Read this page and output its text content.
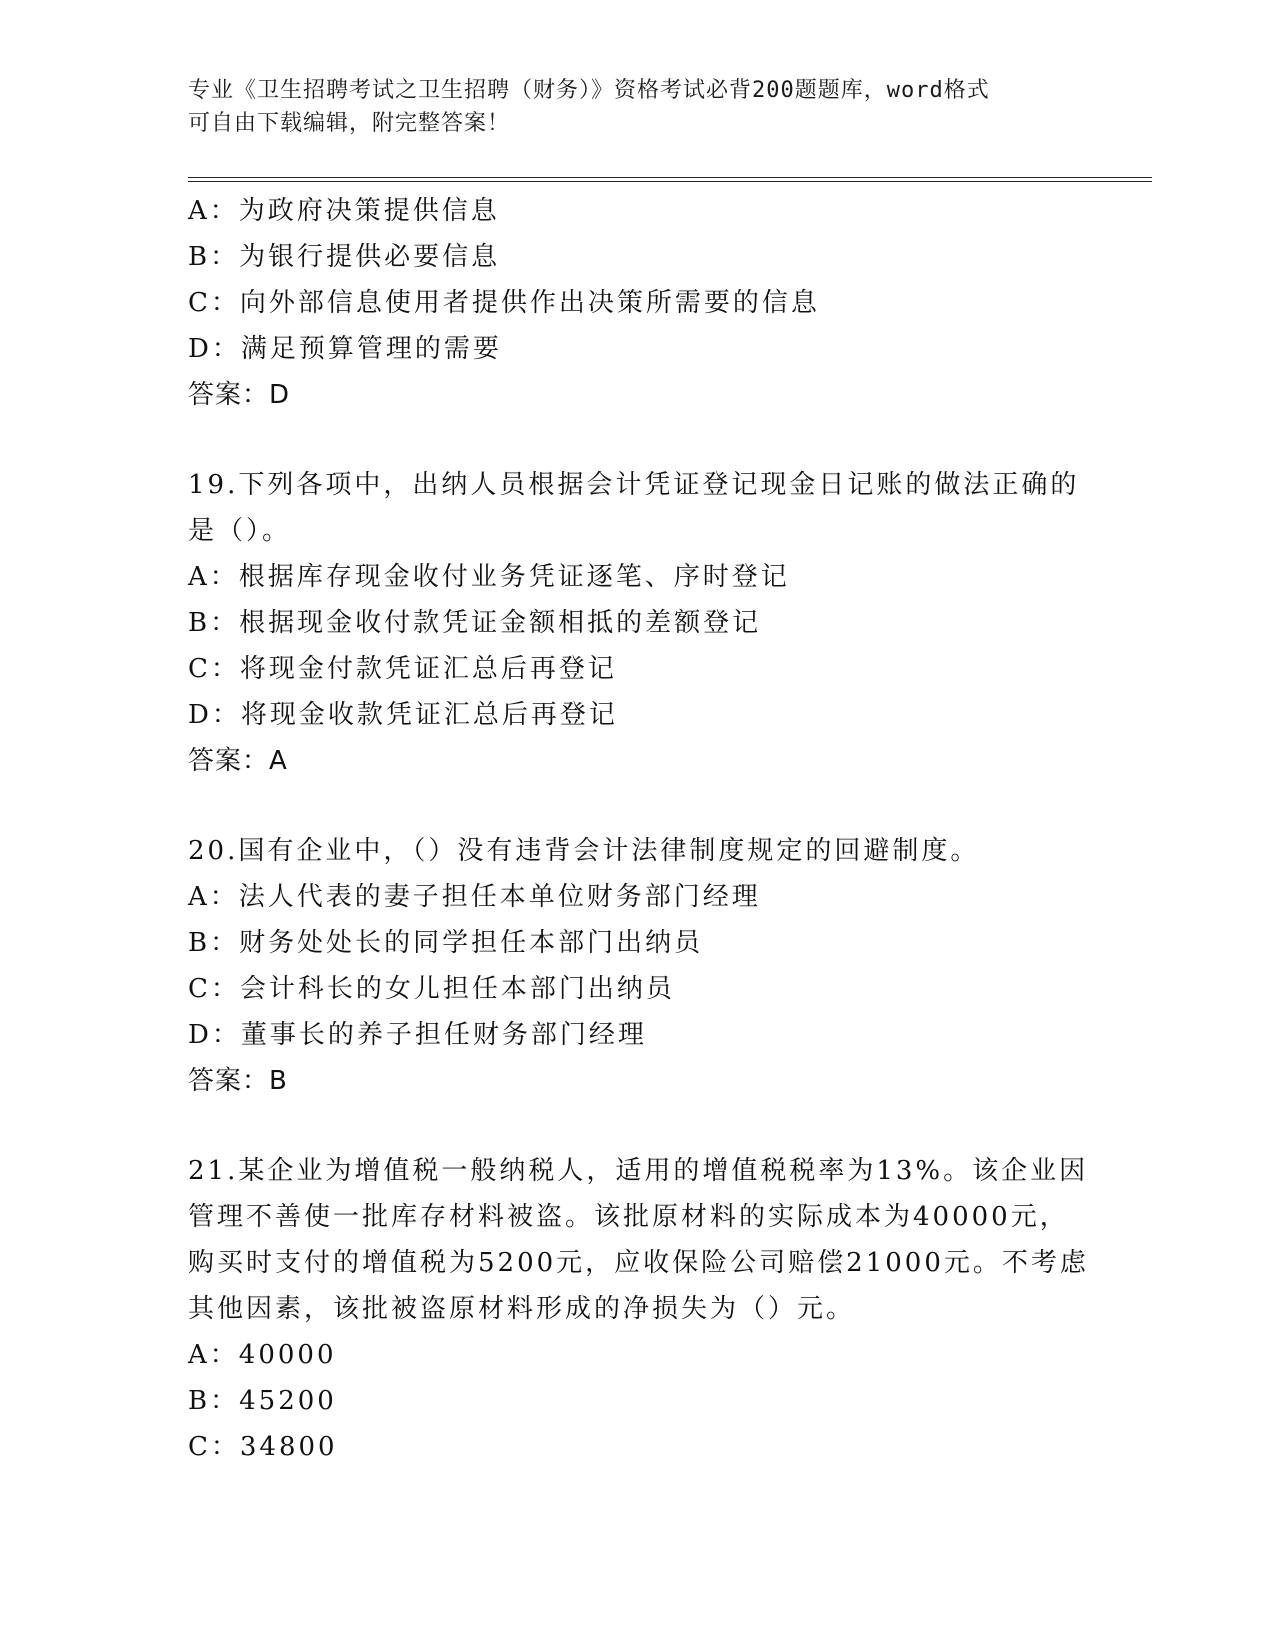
专业《卫生招聘考试之卫生招聘（财务）》资格考试必背200题题库，word格式
可自由下载编辑，附完整答案！
A：为政府决策提供信息
B：为银行提供必要信息
C：向外部信息使用者提供作出决策所需要的信息
D：满足预算管理的需要
答案：D
19.下列各项中，出纳人员根据会计凭证登记现金日记账的做法正确的
是（）。
A：根据库存现金收付业务凭证逐笔、序时登记
B：根据现金收付款凭证金额相抵的差额登记
C：将现金付款凭证汇总后再登记
D：将现金收款凭证汇总后再登记
答案：A
20.国有企业中，（）没有违背会计法律制度规定的回避制度。
A：法人代表的妻子担任本单位财务部门经理
B：财务处处长的同学担任本部门出纳员
C：会计科长的女儿担任本部门出纳员
D：董事长的养子担任财务部门经理
答案：B
21.某企业为增值税一般纳税人，适用的增值税税率为13%。该企业因
管理不善使一批库存材料被盗。该批原材料的实际成本为40000元，
购买时支付的增值税为5200元，应收保险公司赔偿21000元。不考虑
其他因素，该批被盗原材料形成的净损失为（）元。
A：40000
B：45200
C：34800
